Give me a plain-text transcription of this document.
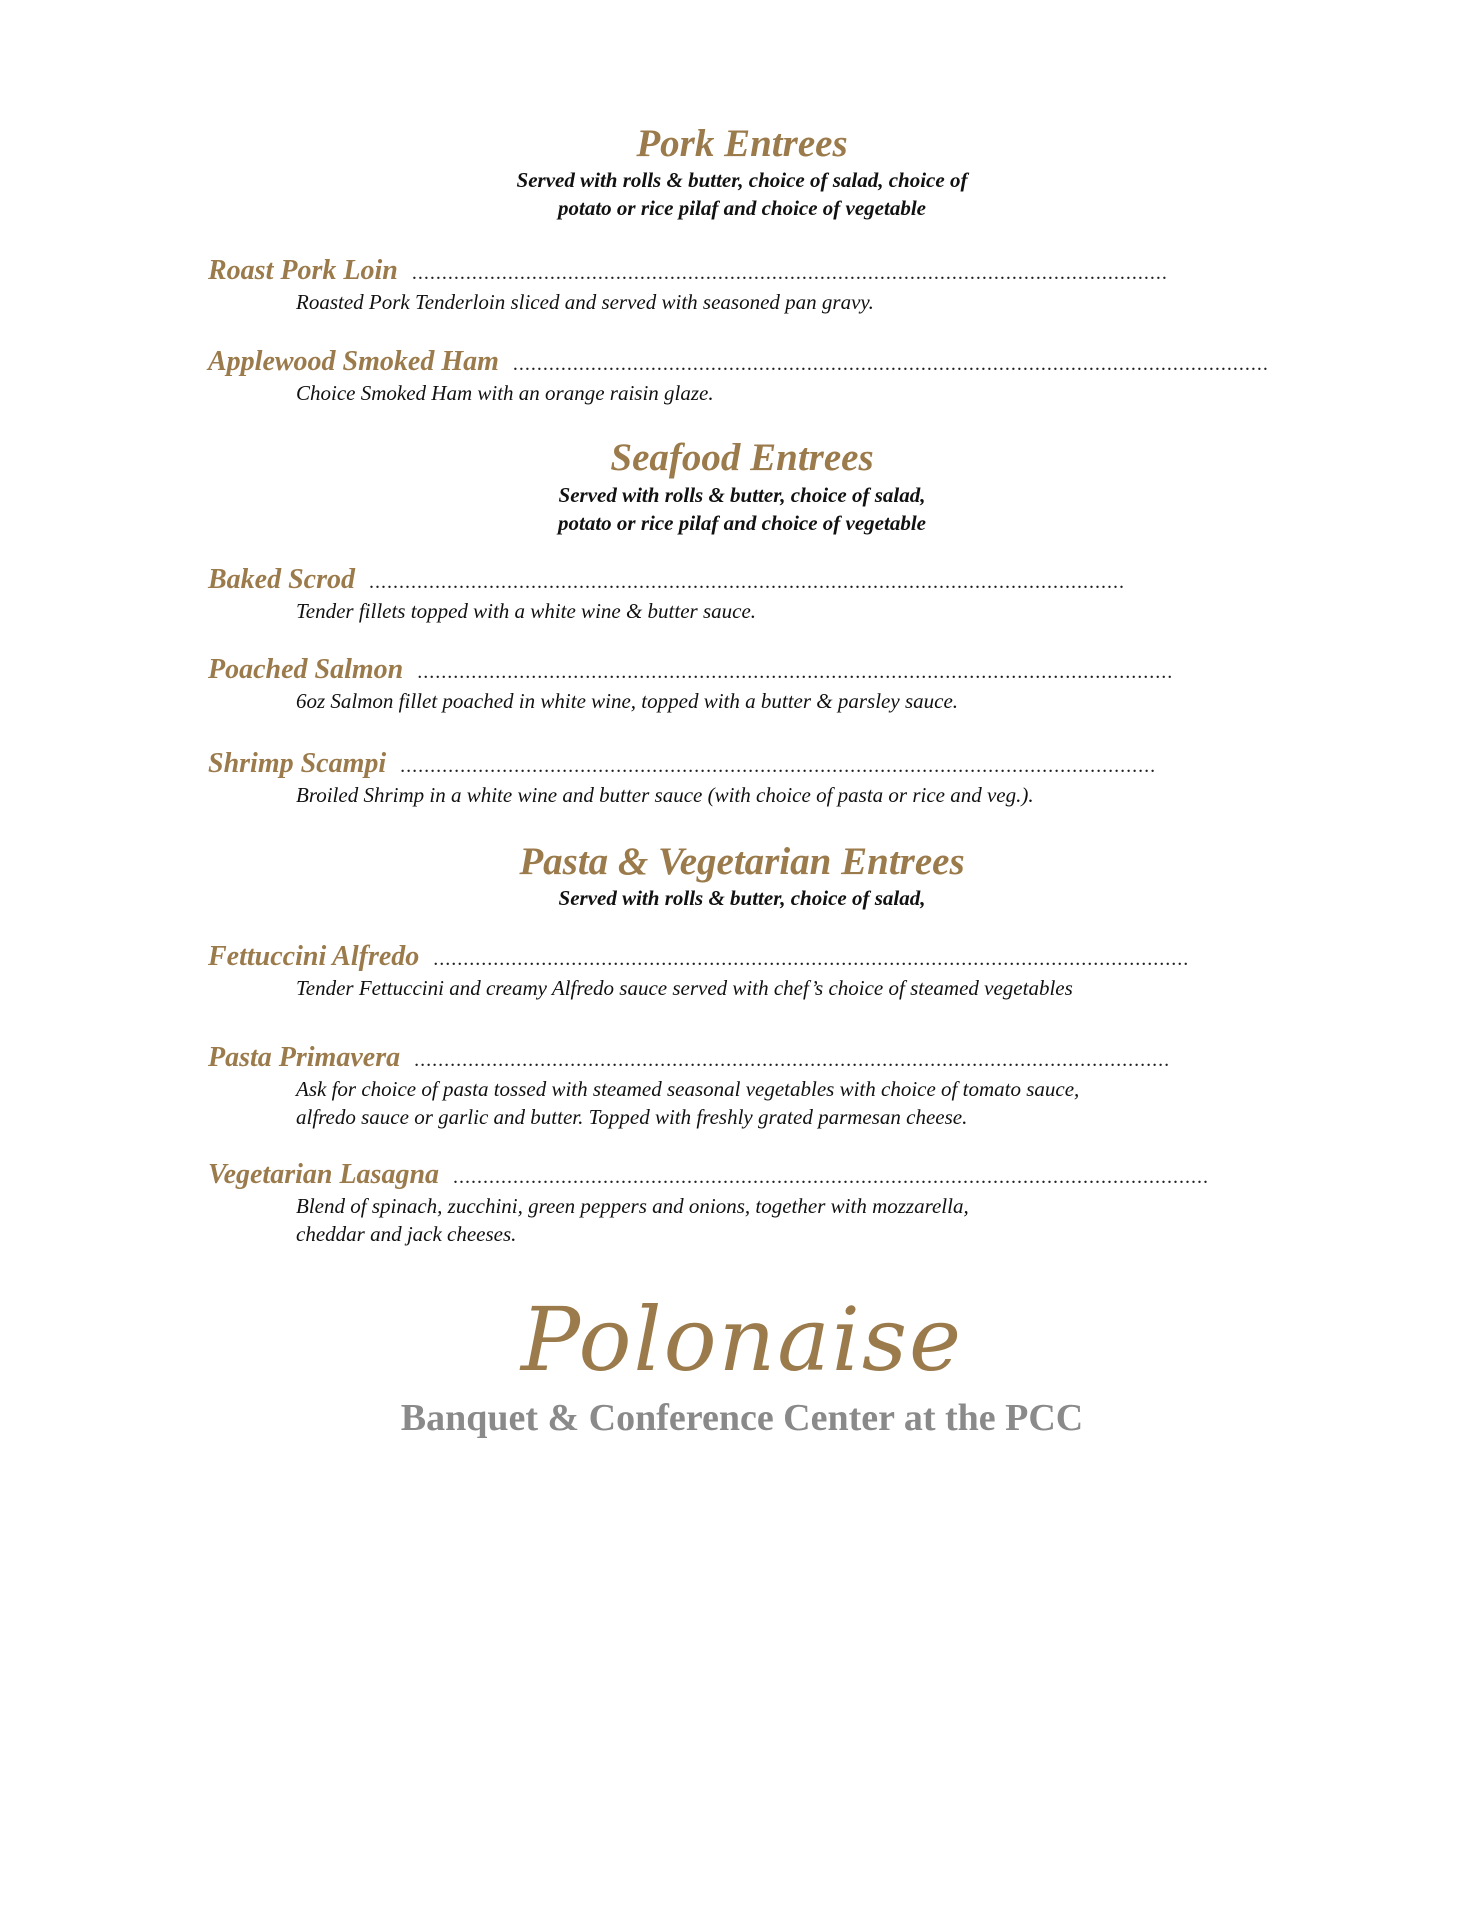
Pork Entrees
Served with rolls & butter, choice of salad, choice of
potato or rice pilaf and choice of vegetable
Roast Pork Loin ..............................................................................................................................
Roasted Pork Tenderloin sliced and served with seasoned pan gravy.
Applewood Smoked Ham ..............................................................................................................................
Choice Smoked Ham with an orange raisin glaze.
Seafood Entrees
Served with rolls & butter, choice of salad,
potato or rice pilaf and choice of vegetable
Baked Scrod ..............................................................................................................................
Tender fillets topped with a white wine & butter sauce.
Poached Salmon ..............................................................................................................................
6oz Salmon fillet poached in white wine, topped with a butter & parsley sauce.
Shrimp Scampi ..............................................................................................................................
Broiled Shrimp in a white wine and butter sauce (with choice of pasta or rice and veg.).
Pasta & Vegetarian Entrees
Served with rolls & butter, choice of salad,
Fettuccini Alfredo ..............................................................................................................................
Tender Fettuccini and creamy Alfredo sauce served with chef’s choice of steamed vegetables
Pasta Primavera ..............................................................................................................................
Ask for choice of pasta tossed with steamed seasonal vegetables with choice of tomato sauce,
alfredo sauce or garlic and butter. Topped with freshly grated parmesan cheese.
Vegetarian Lasagna ..............................................................................................................................
Blend of spinach, zucchini, green peppers and onions, together with mozzarella,
cheddar and jack cheeses.
Polonaise
Banquet & Conference Center at the PCC
